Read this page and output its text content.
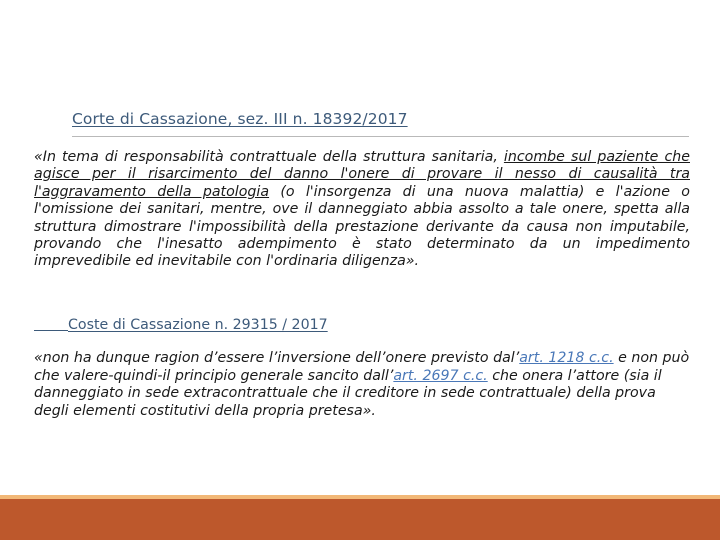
Corte di Cassazione, sez. III n. 18392/2017
«In tema di responsabilità contrattuale della struttura sanitaria, incombe sul paziente che agisce per il risarcimento del danno l'onere di provare il nesso di causalità tra l'aggravamento della patologia (o l'insorgenza di una nuova malattia) e l'azione o l'omissione dei sanitari, mentre, ove il danneggiato abbia assolto a tale onere, spetta alla struttura dimostrare l'impossibilità della prestazione derivante da causa non imputabile, provando che l'inesatto adempimento è stato determinato da un impedimento imprevedibile ed inevitabile con l'ordinaria diligenza».
Coste di Cassazione n. 29315 / 2017
«non ha dunque ragion d’essere l’inversione dell’onere previsto dal’art. 1218 c.c. e non può che valere-quindi-il principio generale sancito dall’art. 2697 c.c. che onera l’attore (sia il danneggiato in sede extracontrattuale che il creditore in sede contrattuale) della prova degli elementi costitutivi della propria pretesa».
